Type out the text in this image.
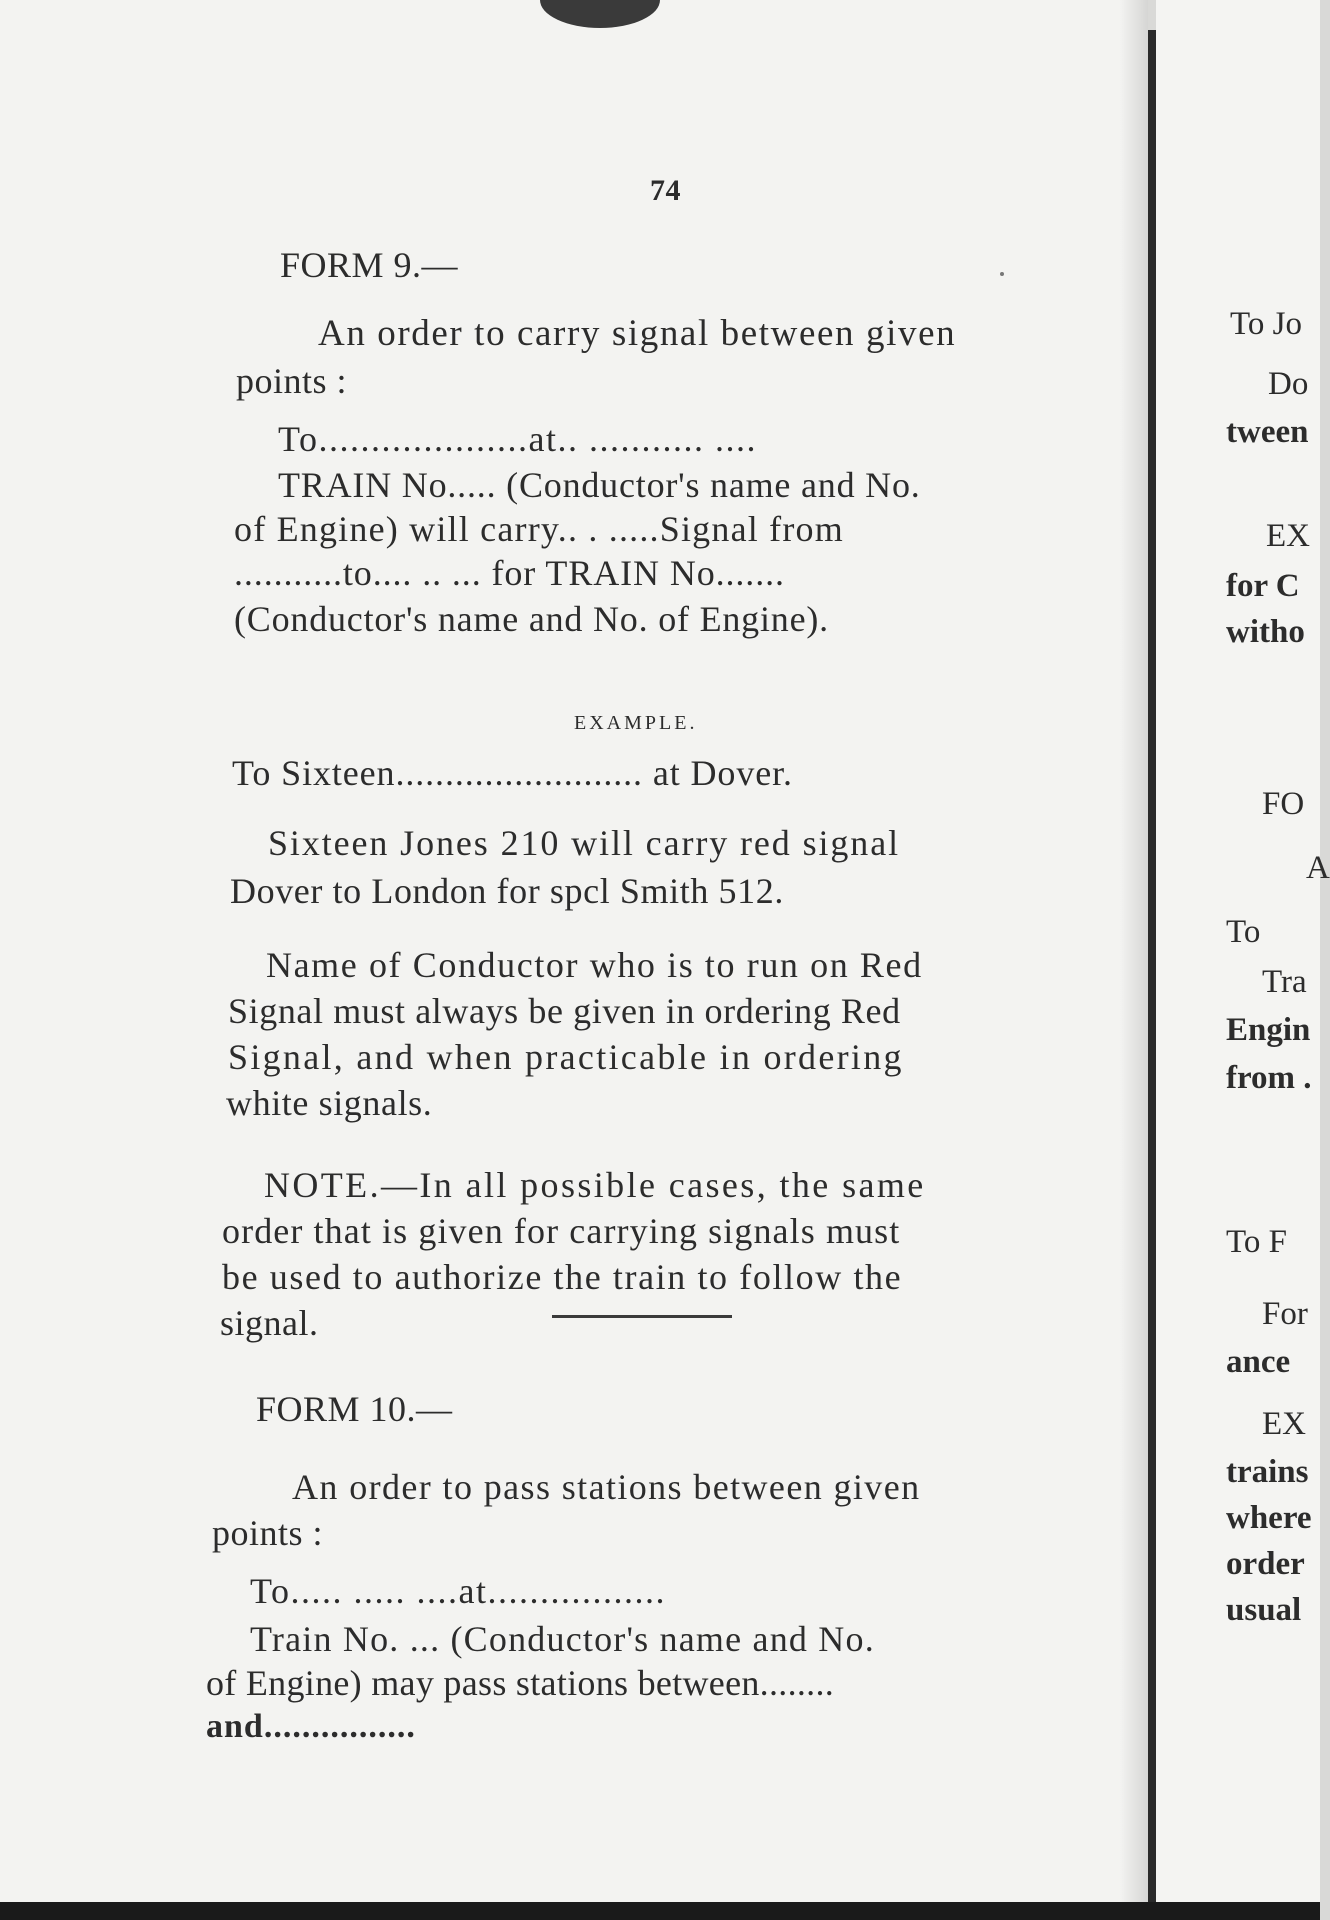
74
FORM 9.—
An order to carry signal between given
points :
To....................at.. ........... ....
TRAIN No..... (Conductor's name and No.
of Engine) will carry.. . .....Signal from
...........to.... .. ... for TRAIN No.......
(Conductor's name and No. of Engine).
EXAMPLE.
To Sixteen......................... at Dover.
Sixteen Jones 210 will carry red signal
Dover to London for spcl Smith 512.
Name of Conductor who is to run on Red
Signal must always be given in ordering Red
Signal, and when practicable in ordering
white signals.
NOTE.—In all possible cases, the same
order that is given for carrying signals must
be used to authorize the train to follow the
signal.
FORM 10.—
An order to pass stations between given
points :
To..... ..... ....at.................
Train No. ... (Conductor's name and No.
of Engine) may pass stations between........
and................
To Jo
Do
tween
EX
for C
witho
FO
A
To
Tra
Engin
from .
To F
For
ance
EX
trains
where
order
usual
